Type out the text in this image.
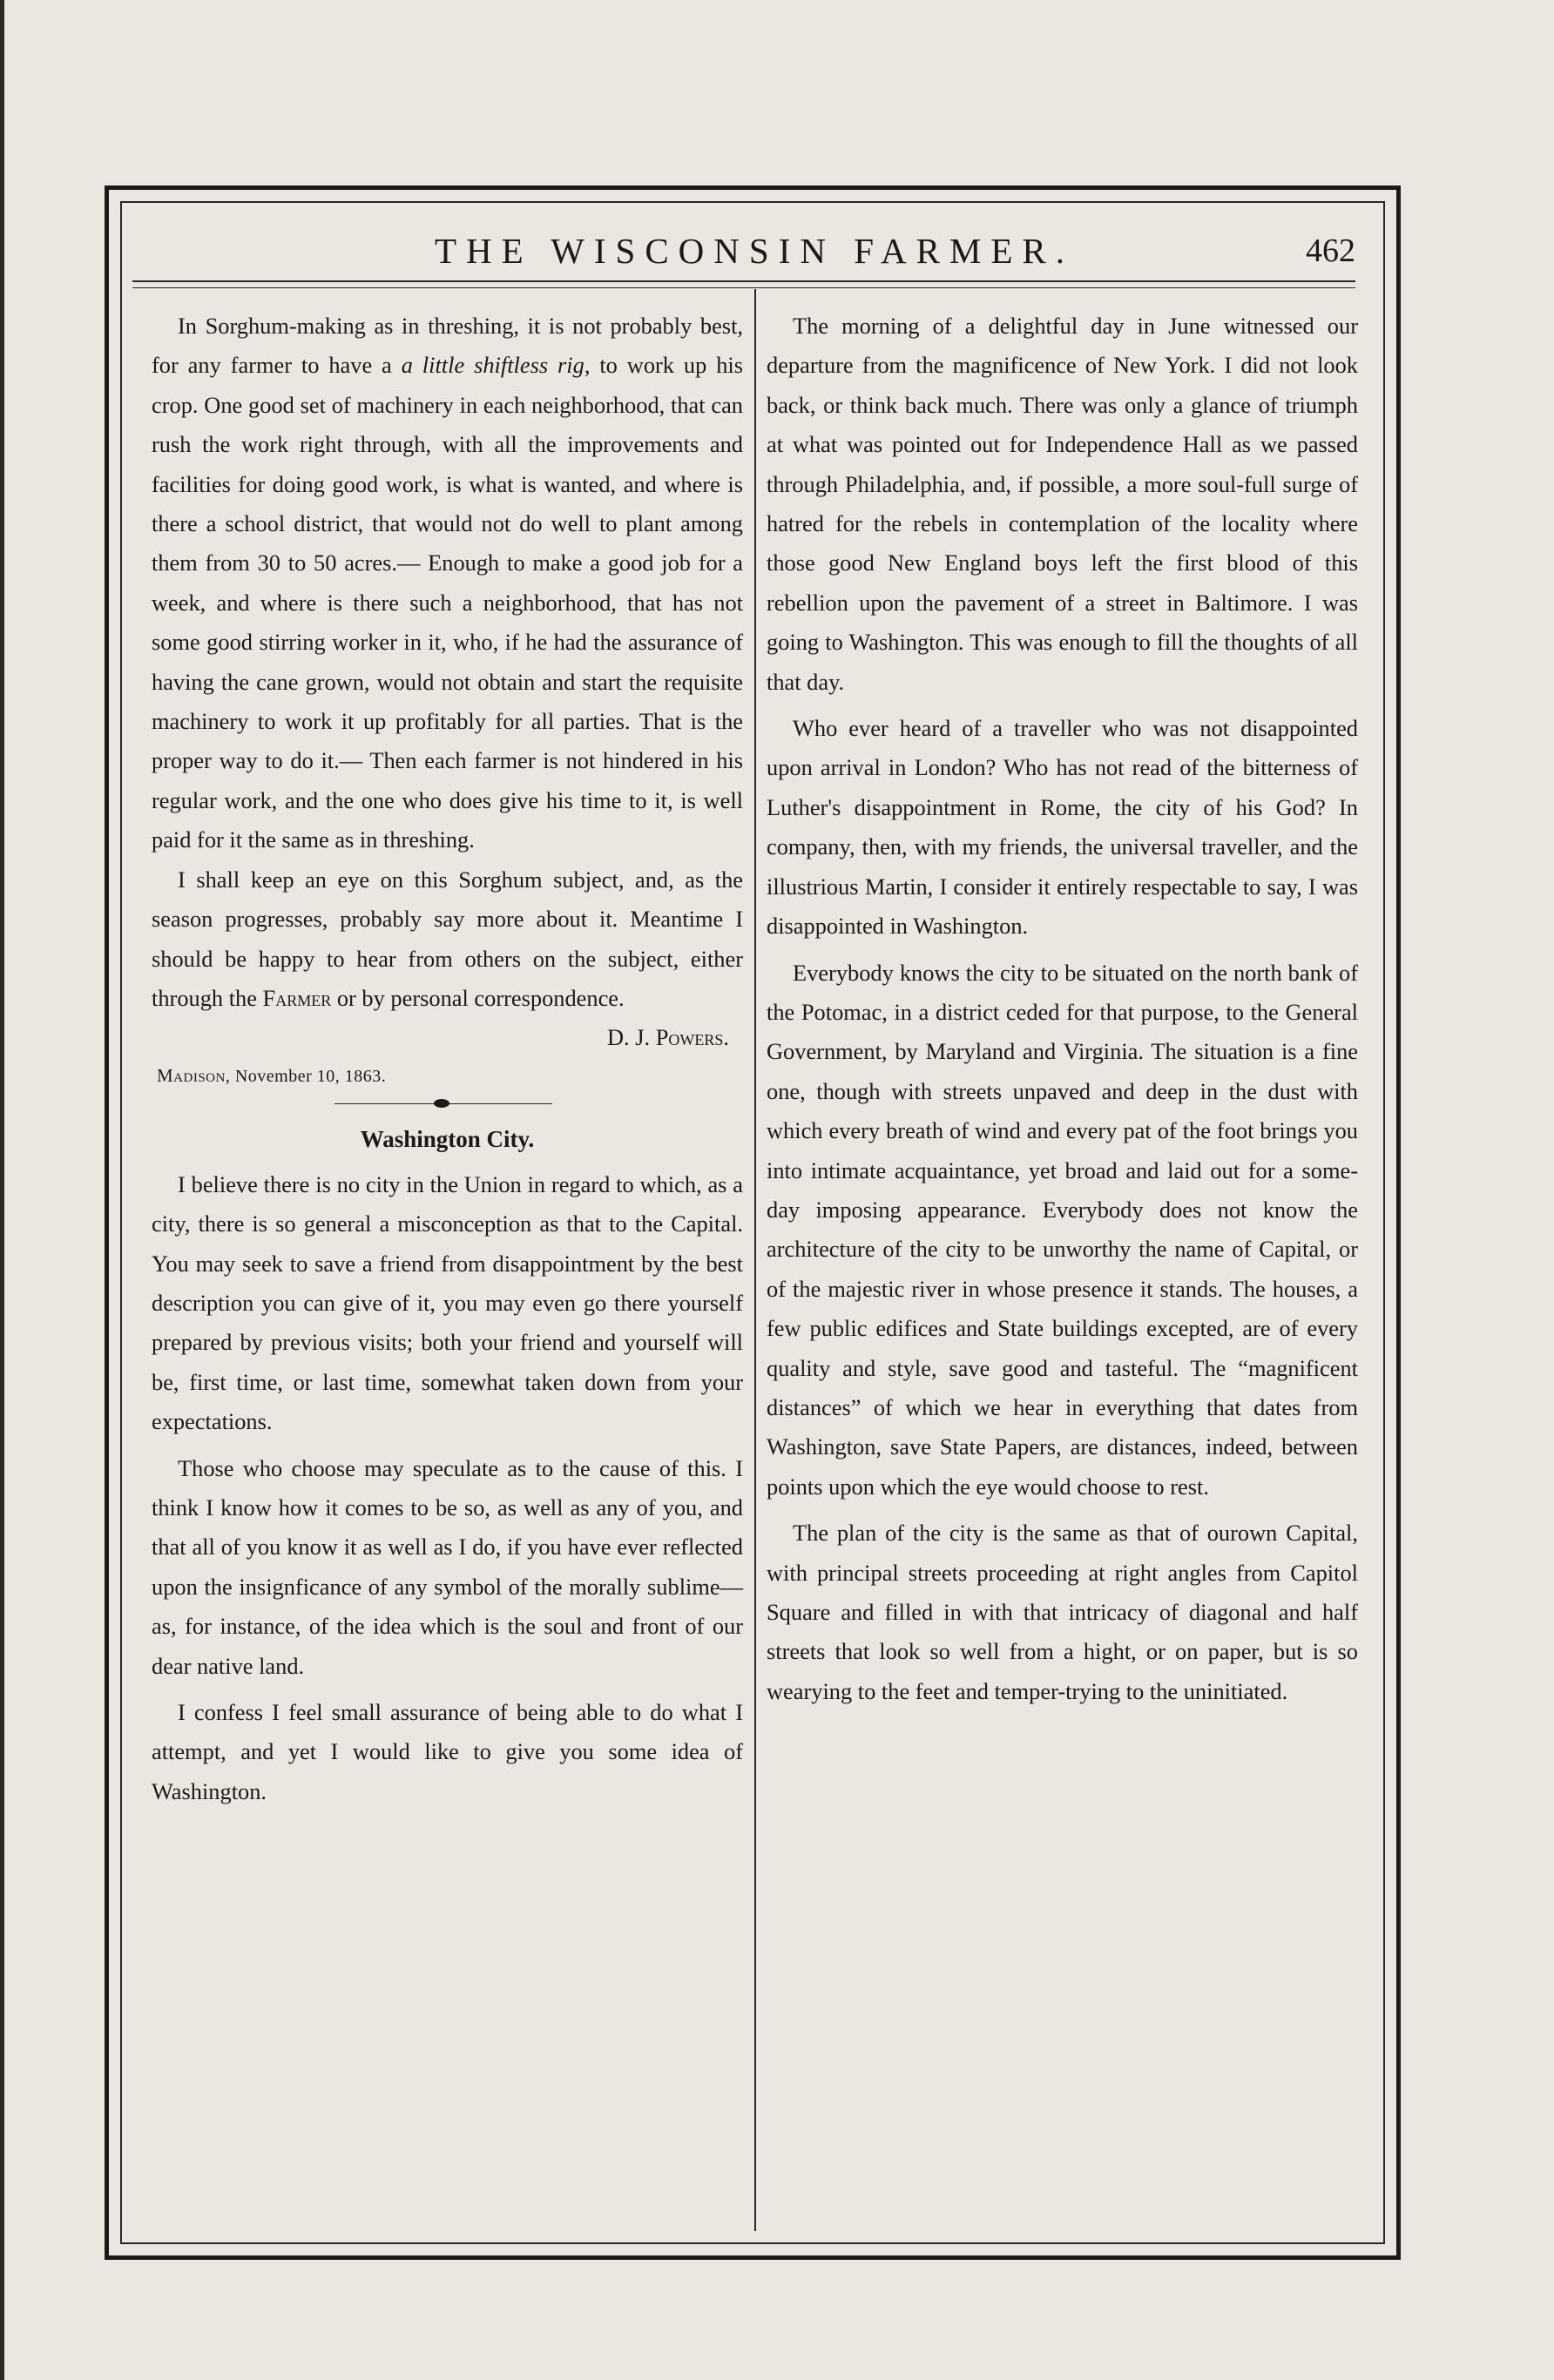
THE WISCONSIN FARMER.	462

In Sorghum-making as in threshing, it is not probably best, for any farmer to have a a little shiftless rig, to work up his crop. One good set of machinery in each neighborhood, that can rush the work right through, with all the improvements and facilities for doing good work, is what is wanted, and where is there a school district, that would not do well to plant among them from 30 to 50 acres.— Enough to make a good job for a week, and where is there such a neighborhood, that has not some good stirring worker in it, who, if he had the assurance of having the cane grown, would not obtain and start the requisite machinery to work it up profitably for all parties. That is the proper way to do it.— Then each farmer is not hindered in his regular work, and the one who does give his time to it, is well paid for it the same as in threshing.

I shall keep an eye on this Sorghum subject, and, as the season progresses, probably say more about it. Meantime I should be happy to hear from others on the subject, either through the Farmer or by personal correspondence.

D. J. Powers.
Madison, November 10, 1863.
Washington City.

I believe there is no city in the Union in regard to which, as a city, there is so general a misconception as that to the Capital. You may seek to save a friend from disappointment by the best description you can give of it, you may even go there yourself prepared by previous visits; both your friend and yourself will be, first time, or last time, somewhat taken down from your expectations.

Those who choose may speculate as to the cause of this. I think I know how it comes to be so, as well as any of you, and that all of you know it as well as I do, if you have ever reflected upon the insignficance of any symbol of the morally sublime—as, for instance, of the idea which is the soul and front of our dear native land.

I confess I feel small assurance of being able to do what I attempt, and yet I would like to give you some idea of Washington.

The morning of a delightful day in June witnessed our departure from the magnificence of New York. I did not look back, or think back much. There was only a glance of triumph at what was pointed out for Independence Hall as we passed through Philadelphia, and, if possible, a more soul-full surge of hatred for the rebels in contemplation of the locality where those good New England boys left the first blood of this rebellion upon the pavement of a street in Baltimore. I was going to Washington. This was enough to fill the thoughts of all that day.

Who ever heard of a traveller who was not disappointed upon arrival in London? Who has not read of the bitterness of Luther's disappointment in Rome, the city of his God? In company, then, with my friends, the universal traveller, and the illustrious Martin, I consider it entirely respectable to say, I was disappointed in Washington.

Everybody knows the city to be situated on the north bank of the Potomac, in a district ceded for that purpose, to the General Government, by Maryland and Virginia. The situation is a fine one, though with streets unpaved and deep in the dust with which every breath of wind and every pat of the foot brings you into intimate acquaintance, yet broad and laid out for a some-day imposing appearance. Everybody does not know the architecture of the city to be unworthy the name of Capital, or of the majestic river in whose presence it stands. The houses, a few public edifices and State buildings excepted, are of every quality and style, save good and tasteful. The “magnificent distances” of which we hear in everything that dates from Washington, save State Papers, are distances, indeed, between points upon which the eye would choose to rest.

The plan of the city is the same as that of ourown Capital, with principal streets proceeding at right angles from Capitol Square and filled in with that intricacy of diagonal and half streets that look so well from a hight, or on paper, but is so wearying to the feet and temper-trying to the uninitiated.
